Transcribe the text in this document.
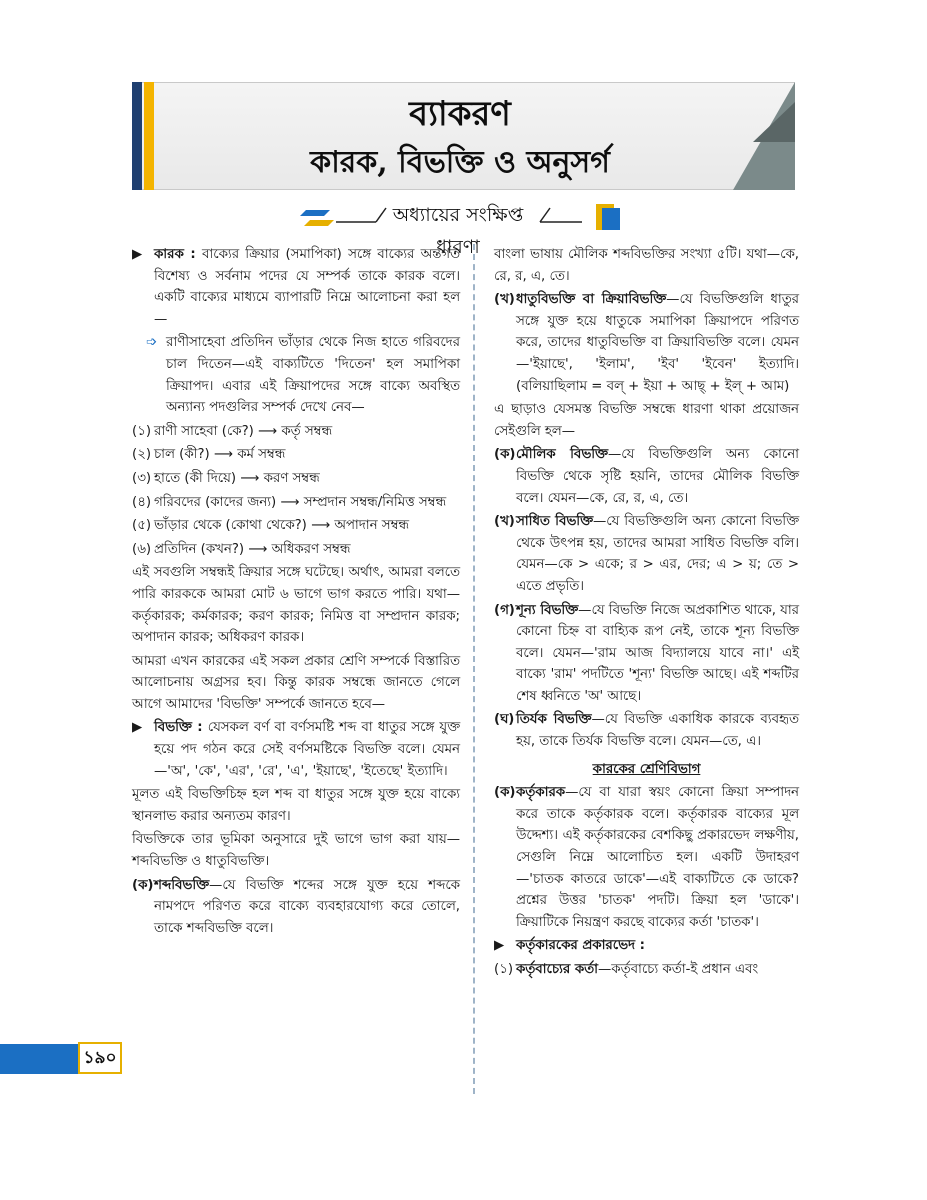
ব্যাকরণ
কারক, বিভক্তি ও অনুসর্গ
অধ্যায়ের সংক্ষিপ্ত ধারণা

▶ কারক : বাক্যের ক্রিয়ার (সমাপিকা) সঙ্গে বাক্যের অন্তর্গত বিশেষ্য ও সর্বনাম পদের যে সম্পর্ক তাকে কারক বলে। একটি বাক্যের মাধ্যমে ব্যাপারটি নিম্নে আলোচনা করা হল—

➩ রাণীসাহেবা প্রতিদিন ভাঁড়ার থেকে নিজ হাতে গরিবদের চাল দিতেন—এই বাক্যটিতে 'দিতেন' হল সমাপিকা ক্রিয়াপদ। এবার এই ক্রিয়াপদের সঙ্গে বাক্যে অবস্থিত অন্যান্য পদগুলির সম্পর্ক দেখে নেব—

(১) রাণী সাহেবা (কে?) ⟶ কর্তৃ সম্বন্ধ

(২) চাল (কী?) ⟶ কর্ম সম্বন্ধ

(৩) হাতে (কী দিয়ে) ⟶ করণ সম্বন্ধ

(৪) গরিবদের (কাদের জন্য) ⟶ সম্প্রদান সম্বন্ধ/নিমিত্ত সম্বন্ধ

(৫) ভাঁড়ার থেকে (কোথা থেকে?) ⟶ অপাদান সম্বন্ধ

(৬) প্রতিদিন (কখন?) ⟶ অধিকরণ সম্বন্ধ

এই সবগুলি সম্বন্ধই ক্রিয়ার সঙ্গে ঘটেছে। অর্থাৎ, আমরা বলতে পারি কারককে আমরা মোট ৬ ভাগে ভাগ করতে পারি। যথা—কর্তৃকারক; কর্মকারক; করণ কারক; নিমিত্ত বা সম্প্রদান কারক; অপাদান কারক; অধিকরণ কারক।

আমরা এখন কারকের এই সকল প্রকার শ্রেণি সম্পর্কে বিস্তারিত আলোচনায় অগ্রসর হব। কিন্তু কারক সম্বন্ধে জানতে গেলে আগে আমাদের 'বিভক্তি' সম্পর্কে জানতে হবে—

▶ বিভক্তি : যেসকল বর্ণ বা বর্ণসমষ্টি শব্দ বা ধাতুর সঙ্গে যুক্ত হয়ে পদ গঠন করে সেই বর্ণসমষ্টিকে বিভক্তি বলে। যেমন—'অ', 'কে', 'এর', 'রে', 'এ', 'ইয়াছে', 'ইতেছে' ইত্যাদি।

মূলত এই বিভক্তিচিহ্ন হল শব্দ বা ধাতুর সঙ্গে যুক্ত হয়ে বাক্যে স্থানলাভ করার অন্যতম কারণ।

বিভক্তিকে তার ভূমিকা অনুসারে দুই ভাগে ভাগ করা যায়—শব্দবিভক্তি ও ধাতুবিভক্তি।

(ক) শব্দবিভক্তি—যে বিভক্তি শব্দের সঙ্গে যুক্ত হয়ে শব্দকে নামপদে পরিণত করে বাক্যে ব্যবহারযোগ্য করে তোলে, তাকে শব্দবিভক্তি বলে।

বাংলা ভাষায় মৌলিক শব্দবিভক্তির সংখ্যা ৫টি। যথা—কে, রে, র, এ, তে।

(খ) ধাতুবিভক্তি বা ক্রিয়াবিভক্তি—যে বিভক্তিগুলি ধাতুর সঙ্গে যুক্ত হয়ে ধাতুকে সমাপিকা ক্রিয়াপদে পরিণত করে, তাদের ধাতুবিভক্তি বা ক্রিয়াবিভক্তি বলে। যেমন—'ইয়াছে', 'ইলাম', 'ইব' 'ইবেন' ইত্যাদি। (বলিয়াছিলাম = বল্ + ইয়া + আছ্ + ইল্ + আম)

এ ছাড়াও যেসমস্ত বিভক্তি সম্বন্ধে ধারণা থাকা প্রয়োজন সেইগুলি হল—

(ক) মৌলিক বিভক্তি—যে বিভক্তিগুলি অন্য কোনো বিভক্তি থেকে সৃষ্টি হয়নি, তাদের মৌলিক বিভক্তি বলে। যেমন—কে, রে, র, এ, তে।

(খ) সাধিত বিভক্তি—যে বিভক্তিগুলি অন্য কোনো বিভক্তি থেকে উৎপন্ন হয়, তাদের আমরা সাধিত বিভক্তি বলি। যেমন—কে > একে; র > এর, দের; এ > য়; তে > এতে প্রভৃতি।

(গ) শূন্য বিভক্তি—যে বিভক্তি নিজে অপ্রকাশিত থাকে, যার কোনো চিহ্ন বা বাহ্যিক রূপ নেই, তাকে শূন্য বিভক্তি বলে। যেমন—'রাম আজ বিদ্যালয়ে যাবে না।' এই বাক্যে 'রাম' পদটিতে 'শূন্য' বিভক্তি আছে। এই শব্দটির শেষ ধ্বনিতে 'অ' আছে।

(ঘ) তির্যক বিভক্তি—যে বিভক্তি একাধিক কারকে ব্যবহৃত হয়, তাকে তির্যক বিভক্তি বলে। যেমন—তে, এ।

কারকের শ্রেণিবিভাগ

(ক) কর্তৃকারক—যে বা যারা স্বয়ং কোনো ক্রিয়া সম্পাদন করে তাকে কর্তৃকারক বলে। কর্তৃকারক বাক্যের মূল উদ্দেশ্য। এই কর্তৃকারকের বেশকিছু প্রকারভেদ লক্ষণীয়, সেগুলি নিম্নে আলোচিত হল। একটি উদাহরণ—'চাতক কাতরে ডাকে'—এই বাক্যটিতে কে ডাকে? প্রশ্নের উত্তর 'চাতক' পদটি। ক্রিয়া হল 'ডাকে'। ক্রিয়াটিকে নিয়ন্ত্রণ করছে বাক্যের কর্তা 'চাতক'।

▶ কর্তৃকারকের প্রকারভেদ :

(১) কর্তৃবাচ্যের কর্তা—কর্তৃবাচ্যে কর্তা-ই প্রধান এবং

১৯০
